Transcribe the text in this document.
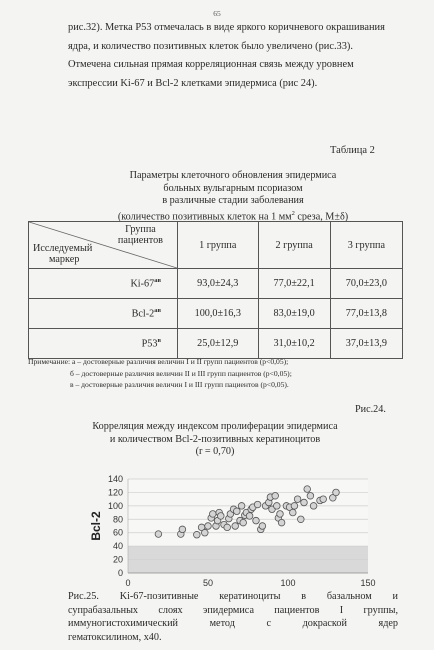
65
рис.32). Метка Р53 отмечалась в виде яркого коричневого окрашивания
ядра, и количество позитивных клеток было увеличено (рис.33).
Отмечена сильная прямая корреляционная связь между уровнем
экспрессии Ki-67 и Bcl-2 клетками эпидермиса (рис 24).
Таблица 2
Параметры клеточного обновления эпидермиса
больных вульгарным псориазом
в различные стадии заболевания
(количество позитивных клеток на 1 $мм^2$ среза, M±δ)
Группа
пациентов
Исследуемый
маркер	1 группа	2 группа	3 группа
$Ki-67^{ав}$	93,0±24,3	77,0±22,1	70,0±23,0
Bcl-$2^{ав}$	100,0±16,3	83,0±19,0	77,0±13,8
$Р53^в$	25,0±12,9	31,0±10,2	37,0±13,9
Примечание: а – достоверные различия величин I и II групп пациентов (р<0,05);
б – достоверные различия величин II и III групп пациентов (р<0,05);
в – достоверные различия величин I и III групп пациентов (р<0,05).
Рис.24.
Корреляция между индексом пролиферации эпидермиса
и количеством Bcl-2-позитивных кератиноцитов
(r = 0,70)
0
20
40
60
80
100
120
140
0	50	100	150
Bcl-2
Рис.25. Ki-67-позитивные кератиноциты в базальном и
супрабазальных слоях эпидермиса пациентов I группы,
иммуногистохимический метод с докраской ядер
гематоксилином, х40.
